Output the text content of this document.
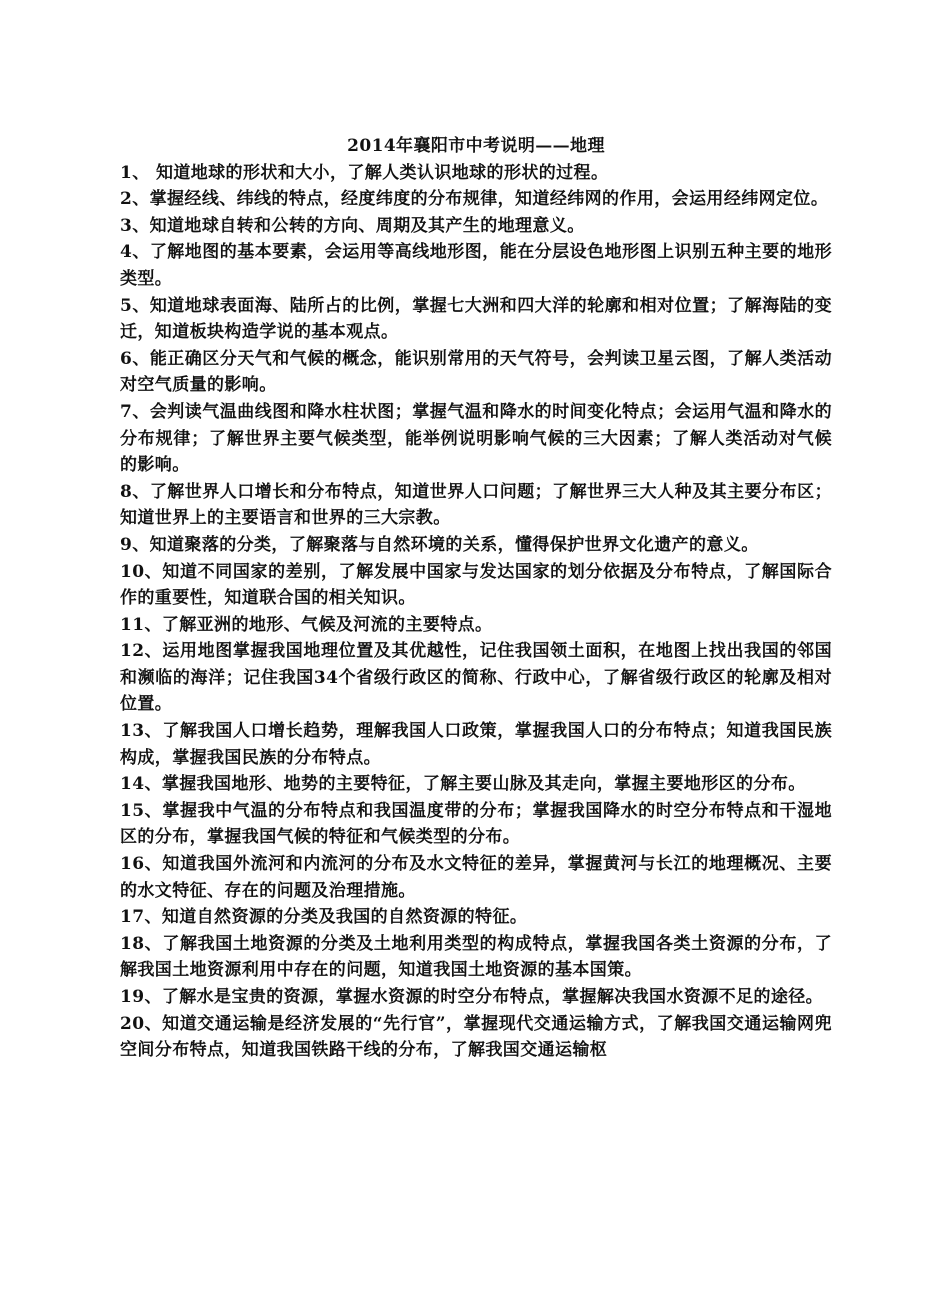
2014年襄阳市中考说明——地理

1、 知道地球的形状和大小，了解人类认识地球的形状的过程。

2、掌握经线、纬线的特点，经度纬度的分布规律，知道经纬网的作用，会运用经纬网定位。

3、知道地球自转和公转的方向、周期及其产生的地理意义。

4、了解地图的基本要素，会运用等高线地形图，能在分层设色地形图上识别五种主要的地形类型。

5、知道地球表面海、陆所占的比例，掌握七大洲和四大洋的轮廓和相对位置；了解海陆的变迁，知道板块构造学说的基本观点。

6、能正确区分天气和气候的概念，能识别常用的天气符号，会判读卫星云图，了解人类活动对空气质量的影响。

7、会判读气温曲线图和降水柱状图；掌握气温和降水的时间变化特点；会运用气温和降水的分布规律；了解世界主要气候类型，能举例说明影响气候的三大因素；了解人类活动对气候的影响。

8、了解世界人口增长和分布特点，知道世界人口问题；了解世界三大人种及其主要分布区；知道世界上的主要语言和世界的三大宗教。

9、知道聚落的分类，了解聚落与自然环境的关系，懂得保护世界文化遗产的意义。

10、知道不同国家的差别，了解发展中国家与发达国家的划分依据及分布特点，了解国际合作的重要性，知道联合国的相关知识。

11、了解亚洲的地形、气候及河流的主要特点。

12、运用地图掌握我国地理位置及其优越性，记住我国领土面积，在地图上找出我国的邻国和濒临的海洋；记住我国34个省级行政区的简称、行政中心，了解省级行政区的轮廓及相对位置。

13、了解我国人口增长趋势，理解我国人口政策，掌握我国人口的分布特点；知道我国民族构成，掌握我国民族的分布特点。

14、掌握我国地形、地势的主要特征，了解主要山脉及其走向，掌握主要地形区的分布。

15、掌握我中气温的分布特点和我国温度带的分布；掌握我国降水的时空分布特点和干湿地区的分布，掌握我国气候的特征和气候类型的分布。

16、知道我国外流河和内流河的分布及水文特征的差异，掌握黄河与长江的地理概况、主要的水文特征、存在的问题及治理措施。

17、知道自然资源的分类及我国的自然资源的特征。

18、了解我国土地资源的分类及土地利用类型的构成特点，掌握我国各类土资源的分布，了解我国土地资源利用中存在的问题，知道我国土地资源的基本国策。

19、了解水是宝贵的资源，掌握水资源的时空分布特点，掌握解决我国水资源不足的途径。

20、知道交通运输是经济发展的“先行官”，掌握现代交通运输方式，了解我国交通运输网兜 空间分布特点，知道我国铁路干线的分布，了解我国交通运输枢
